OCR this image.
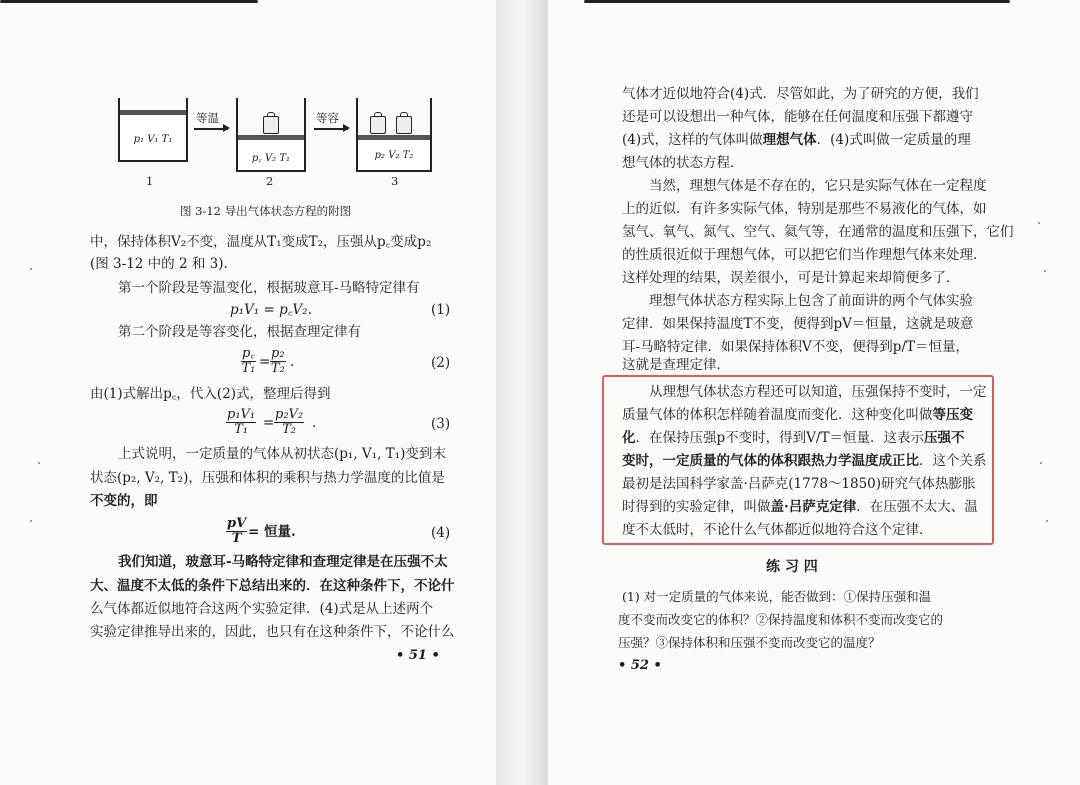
p₁ V₁ T₁
1
等温
p꜀ V₂ T₁
2
等容
p₂ V₂ T₂
3
图 3-12 导出气体状态方程的附图

中，保持体积V₂不变，温度从T₁变成T₂，压强从p꜀变成p₂

(图 3-12 中的 2 和 3).

第一个阶段是等温变化，根据玻意耳-马略特定律有

p₁V₁ = p꜀V₂.	(1)

第二个阶段是等容变化，根据查理定律有

$\frac{p꜀}{\text{T₁}} = \frac{\text{p₂}}{\text{T₂}}$ .	(2)

由(1)式解出p꜀，代入(2)式，整理后得到

$\frac{\text{p₁V₁}}{\text{T₁}} = \frac{\text{p₂V₂}}{\text{T₂}}$ .	(3)

上式说明，一定质量的气体从初状态(p₁, V₁, T₁)变到末

状态(p₂, V₂, T₂)，压强和体积的乘积与热力学温度的比值是

不变的，即

$\frac{pV}{T}$ = 恒量.	(4)

我们知道，玻意耳-马略特定律和查理定律是在压强不太

大、温度不太低的条件下总结出来的．在这种条件下，不论什

么气体都近似地符合这两个实验定律．(4)式是从上述两个

实验定律推导出来的，因此，也只有在这种条件下，不论什么

• 51 •

气体才近似地符合(4)式．尽管如此，为了研究的方便，我们

还是可以设想出一种气体，能够在任何温度和压强下都遵守

(4)式，这样的气体叫做理想气体．(4)式叫做一定质量的理

想气体的状态方程．

当然，理想气体是不存在的，它只是实际气体在一定程度

上的近似．有许多实际气体，特别是那些不易液化的气体，如

氢气、氧气、氮气、空气、氦气等，在通常的温度和压强下，它们

的性质很近似于理想气体，可以把它们当作理想气体来处理．

这样处理的结果，误差很小，可是计算起来却简便多了．

理想气体状态方程实际上包含了前面讲的两个气体实验

定律．如果保持温度T不变，便得到pV＝恒量，这就是玻意

耳-马略特定律．如果保持体积V不变，便得到p/T＝恒量，

这就是查理定律．

从理想气体状态方程还可以知道，压强保持不变时，一定

质量气体的体积怎样随着温度而变化．这种变化叫做等压变

化．在保持压强p不变时，得到V/T＝恒量．这表示压强不

变时，一定质量的气体的体积跟热力学温度成正比．这个关系

最初是法国科学家盖·吕萨克(1778～1850)研究气体热膨胀

时得到的实验定律，叫做盖·吕萨克定律．在压强不太大、温

度不太低时，不论什么气体都近似地符合这个定律．

练 习 四

(1) 对一定质量的气体来说，能否做到：①保持压强和温

度不变而改变它的体积？②保持温度和体积不变而改变它的

压强？③保持体积和压强不变而改变它的温度？

• 52 •
